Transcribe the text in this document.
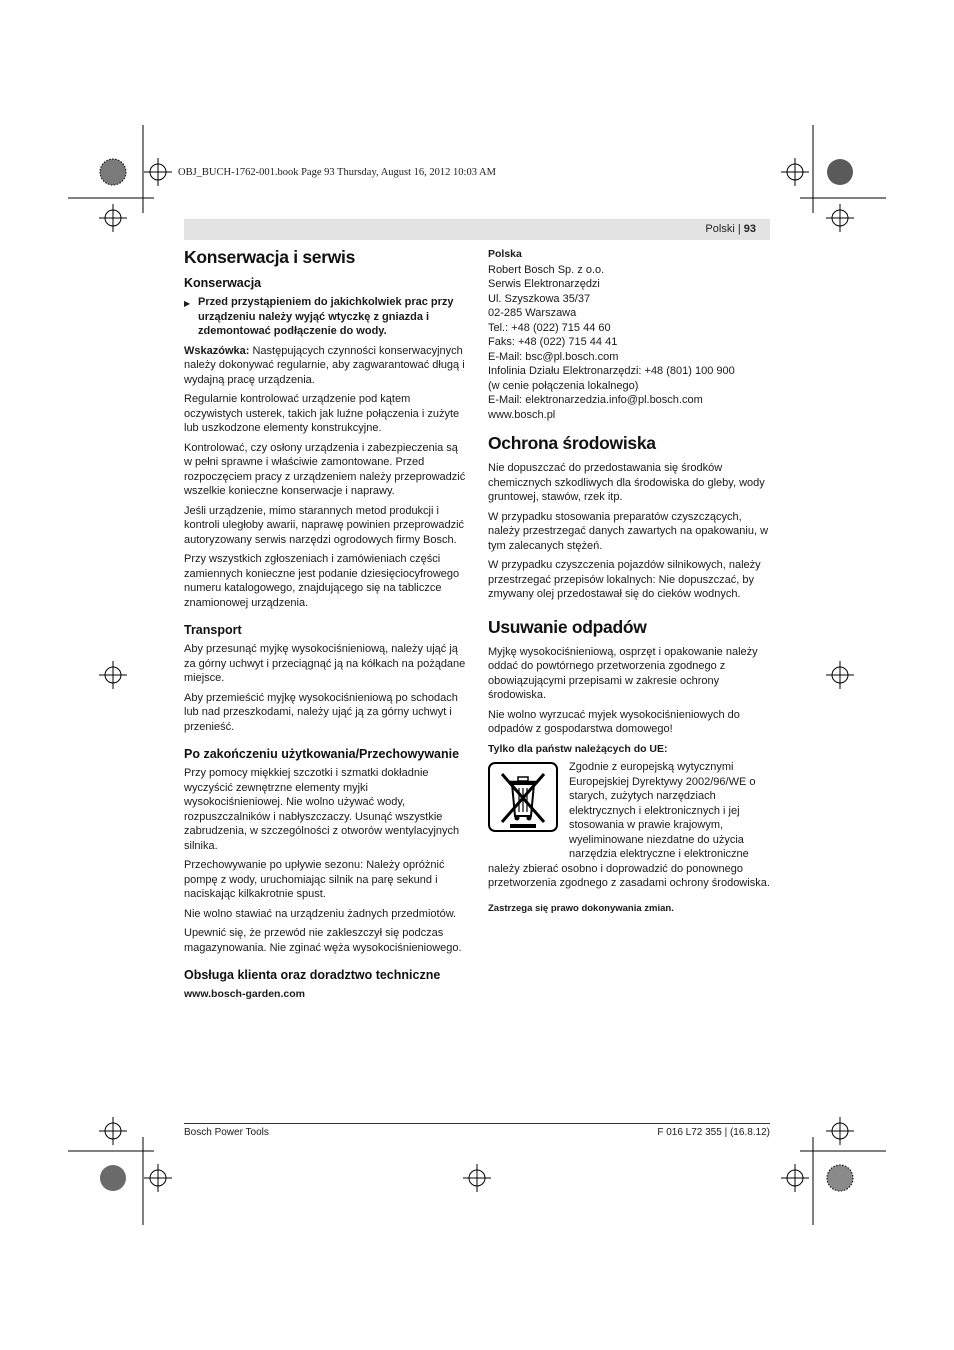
OBJ_BUCH-1762-001.book Page 93 Thursday, August 16, 2012 10:03 AM
Polski | 93
Konserwacja i serwis
Konserwacja
▶ Przed przystąpieniem do jakichkolwiek prac przy urządzeniu należy wyjąć wtyczkę z gniazda i zdemontować podłączenie do wody.

Wskazówka: Następujących czynności konserwacyjnych należy dokonywać regularnie, aby zagwarantować długą i wydajną pracę urządzenia.

Regularnie kontrolować urządzenie pod kątem oczywistych usterek, takich jak luźne połączenia i zużyte lub uszkodzone elementy konstrukcyjne.

Kontrolować, czy osłony urządzenia i zabezpieczenia są w pełni sprawne i właściwie zamontowane. Przed rozpoczęciem pracy z urządzeniem należy przeprowadzić wszelkie konieczne konserwacje i naprawy.

Jeśli urządzenie, mimo starannych metod produkcji i kontroli uległoby awarii, naprawę powinien przeprowadzić autoryzowany serwis narzędzi ogrodowych firmy Bosch.

Przy wszystkich zgłoszeniach i zamówieniach części zamiennych konieczne jest podanie dziesięciocyfrowego numeru katalogowego, znajdującego się na tabliczce znamionowej urządzenia.

Transport

Aby przesunąć myjkę wysokociśnieniową, należy ująć ją za górny uchwyt i przeciągnąć ją na kółkach na pożądane miejsce.

Aby przemieścić myjkę wysokociśnieniową po schodach lub nad przeszkodami, należy ująć ją za górny uchwyt i przenieść.

Po zakończeniu użytkowania/Przechowywanie

Przy pomocy miękkiej szczotki i szmatki dokładnie wyczyścić zewnętrzne elementy myjki wysokociśnieniowej. Nie wolno używać wody, rozpuszczalników i nabłyszczaczy. Usunąć wszystkie zabrudzenia, w szczególności z otworów wentylacyjnych silnika.

Przechowywanie po upływie sezonu: Należy opróżnić pompę z wody, uruchomiając silnik na parę sekund i naciskając kilkakrotnie spust.

Nie wolno stawiać na urządzeniu żadnych przedmiotów.

Upewnić się, że przewód nie zakleszczył się podczas magazynowania. Nie zginać węża wysokociśnieniowego.

Obsługa klienta oraz doradztwo techniczne

www.bosch-garden.com

Polska
Robert Bosch Sp. z o.o.
Serwis Elektronarzędzi
Ul. Szyszkowa 35/37
02-285 Warszawa
Tel.: +48 (022) 715 44 60
Faks: +48 (022) 715 44 41
E-Mail: bsc@pl.bosch.com
Infolinia Działu Elektronarzędzi: +48 (801) 100 900
(w cenie połączenia lokalnego)
E-Mail: elektronarzedzia.info@pl.bosch.com
www.bosch.pl
Ochrona środowiska

Nie dopuszczać do przedostawania się środków chemicznych szkodliwych dla środowiska do gleby, wody gruntowej, stawów, rzek itp.

W przypadku stosowania preparatów czyszczących, należy przestrzegać danych zawartych na opakowaniu, w tym zalecanych stężeń.

W przypadku czyszczenia pojazdów silnikowych, należy przestrzegać przepisów lokalnych: Nie dopuszczać, by zmywany olej przedostawał się do cieków wodnych.

Usuwanie odpadów

Myjkę wysokociśnieniową, osprzęt i opakowanie należy oddać do powtórnego przetworzenia zgodnego z obowiązującymi przepisami w zakresie ochrony środowiska.

Nie wolno wyrzucać myjek wysokociśnieniowych do odpadów z gospodarstwa domowego!

Tylko dla państw należących do UE:
Zgodnie z europejską wytycznymi Europejskiej Dyrektywy 2002/96/WE o starych, zużytych narzędziach elektrycznych i elektronicznych i jej stosowania w prawie krajowym, wyeliminowane niezdatne do użycia narzędzia elektryczne i elektroniczne

należy zbierać osobno i doprowadzić do ponownego przetworzenia zgodnego z zasadami ochrony środowiska.

Zastrzega się prawo dokonywania zmian.

Bosch Power Tools	F 016 L72 355 | (16.8.12)
